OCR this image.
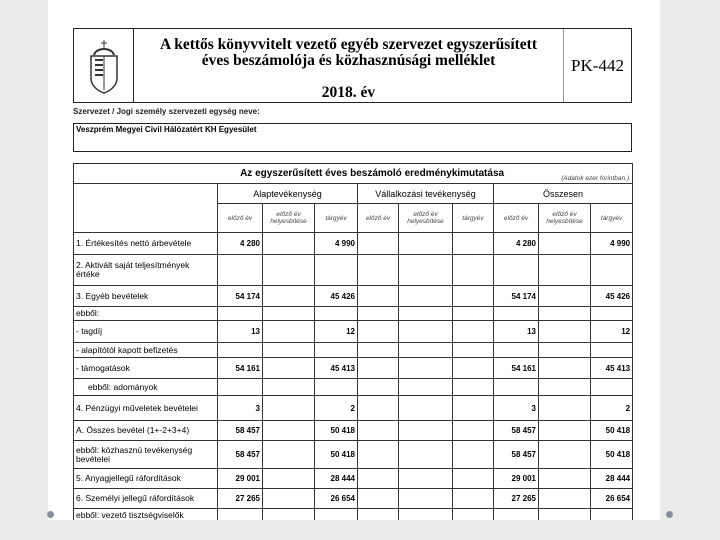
A kettős könyvvitelt vezető egyéb szervezet egyszerűsített
éves beszámolója és közhasznúsági melléklet
2018. év
PK-442
Szervezet / Jogi személy szervezeti egység neve:
Veszprém Megyei Civil Hálózatért KH Egyesület
Az egyszerűsített éves beszámoló eredménykimutatása (Adatok ezer forintban.)									

	Alaptevékenység			Vállalkozási tevékenység			Összesen		
	előző év	előző év helyesbítése	tárgyév	előző év	előző év helyesbítése	tárgyév	előző év	előző év helyesbítése	tárgyév
1. Értékesítés nettó árbevétele	4 280		4 990				4 280		4 990
2. Aktivált saját teljesítmények értéke									
3. Egyéb bevételek	54 174		45 426				54 174		45 426
ebből:									
- tagdíj	13		12				13		12
- alapítótól kapott befizetés									
- támogatások	54 161		45 413				54 161		45 413
ebből: adományok									
4. Pénzügyi műveletek bevételei	3		2				3		2
A. Összes bevétel (1+-2+3+4)	58 457		50 418				58 457		50 418
ebből: közhasznú tevékenység bevételei	58 457		50 418				58 457		50 418
5. Anyagjellegű ráfordítások	29 001		28 444				29 001		28 444
6. Személyi jellegű ráfordítások	27 265		26 654				27 265		26 654
ebből: vezető tisztségviselők									
